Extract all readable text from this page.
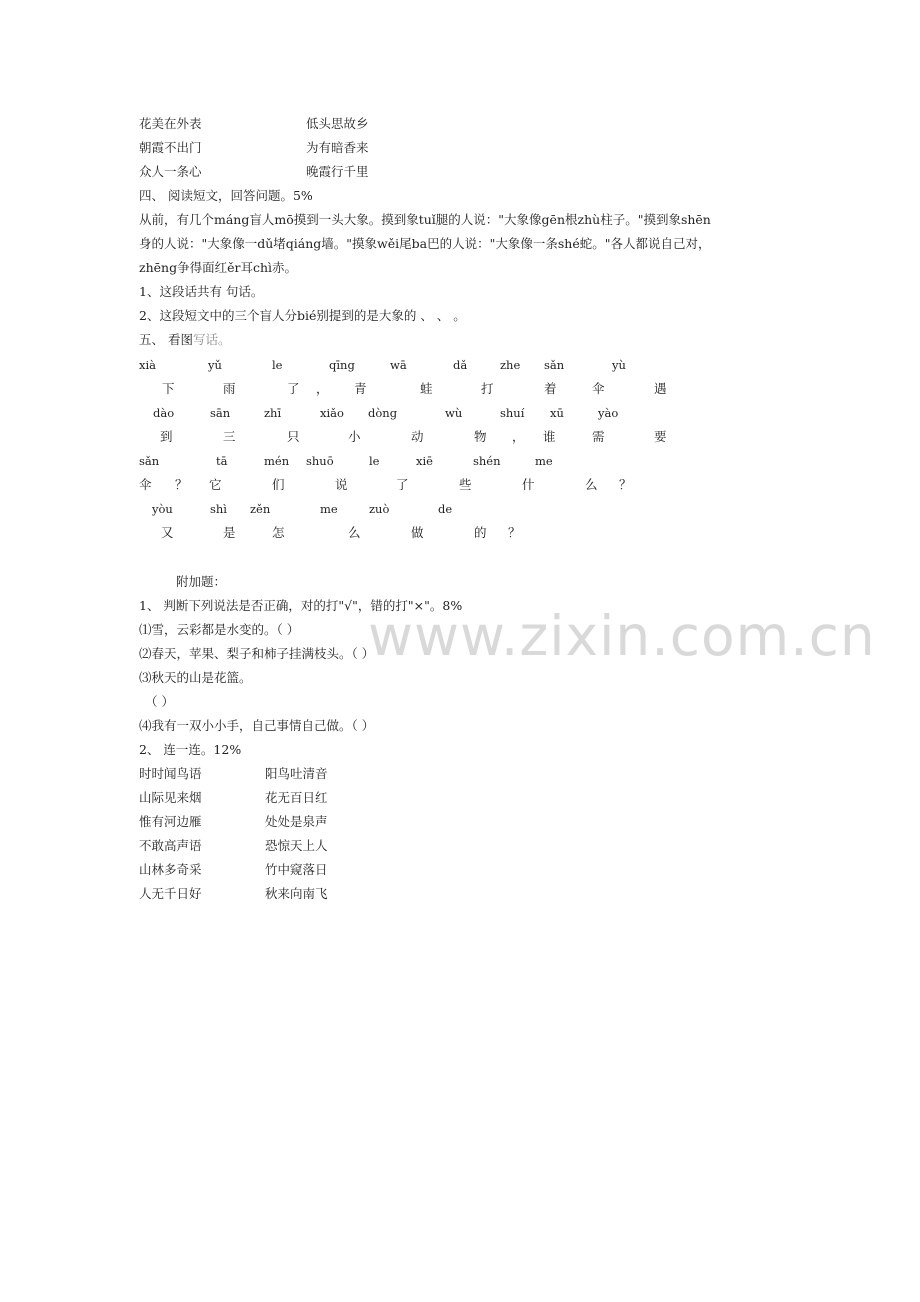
花美在外表	低头思故乡
朝霞不出门	为有暗香来
众人一条心	晚霞行千里
四、 阅读短文，回答问题。5%
从前，有几个máng盲人mō摸到一头大象。摸到象tuǐ腿的人说："大象像gēn根zhù柱子。"摸到象shēn
身的人说："大象像一dǔ堵qiáng墙。"摸象wěi尾ba巴的人说："大象像一条shé蛇。"各人都说自己对，
zhēng争得面红ěr耳chì赤。
1、这段话共有 句话。
2、这段短文中的三个盲人分bié别提到的是大象的 、 、 。
五、 看图写话。
xià	yǔ	le	qīng	wā	dǎ	zhe sǎn	yù
下	雨	了 ， 青	蛙	打	着	伞	遇
dào	sān	zhī	xiǎo dòng	wù	shuí xū	yào
到	三	只	小	动	物 ， 谁	需	要
sǎn	tā	mén shuō	le	xiē	shén	me
伞 ？ 它	们	说	了	些	什	么 ？
yòu	shì zěn	me	zuò	de
又	是	怎	么	做	的 ？
www.zixin.com.cn
附加题：
1、 判断下列说法是否正确，对的打"√"，错的打"×"。8%
⑴雪，云彩都是水变的。（ ）
⑵春天，苹果、梨子和柿子挂满枝头。（ ）
⑶秋天的山是花篮。
（ ）
⑷我有一双小小手，自己事情自己做。（ ）
2、 连一连。12%
时时闻鸟语	阳鸟吐清音
山际见来烟	花无百日红
惟有河边雁	处处是泉声
不敢高声语	恐惊天上人
山林多奇采	竹中窥落日
人无千日好	秋来向南飞
